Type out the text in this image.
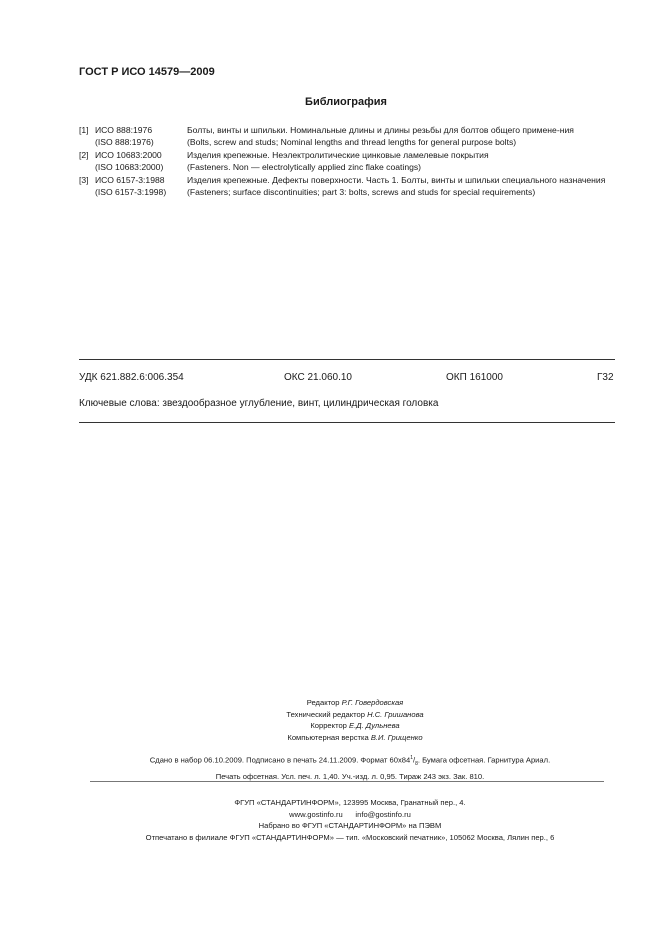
ГОСТ Р ИСО 14579—2009
Библиография
[1] ИСО 888:1976	Болты, винты и шпильки. Номинальные длины и длины резьбы для болтов общего примене-ния
(ISO 888:1976)	(Bolts, screw and studs; Nominal lengths and thread lengths for general purpose bolts)
[2] ИСО 10683:2000	Изделия крепежные. Неэлектролитические цинковые ламелевые покрытия
(ISO 10683:2000)	(Fasteners. Non — electrolytically applied zinc flake coatings)
[3] ИСО 6157-3:1988	Изделия крепежные. Дефекты поверхности. Часть 1. Болты, винты и шпильки специального назначения
(ISO 6157-3:1998)	(Fasteners; surface discontinuities; part 3: bolts, screws and studs for special requirements)
УДК 621.882.6:006.354	ОКС 21.060.10	ОКП 161000	Г32
Ключевые слова: звездообразное углубление, винт, цилиндрическая головка
Редактор Р.Г. Говердовская
Технический редактор Н.С. Гришанова
Корректор Е.Д. Дульнева
Компьютерная верстка В.И. Грищенко
Сдано в набор 06.10.2009. Подписано в печать 24.11.2009. Формат $60х84^1/_8$. Бумага офсетная. Гарнитура Ариал.
Печать офсетная. Усл. печ. л. 1,40. Уч.-изд. л. 0,95. Тираж 243 экз. Зак. 810.
ФГУП «СТАНДАРТИНФОРМ», 123995 Москва, Гранатный пер., 4.
www.gostinfo.ru info@gostinfo.ru
Набрано во ФГУП «СТАНДАРТИНФОРМ» на ПЭВМ
Отпечатано в филиале ФГУП «СТАНДАРТИНФОРМ» — тип. «Московский печатник», 105062 Москва, Лялин пер., 6
